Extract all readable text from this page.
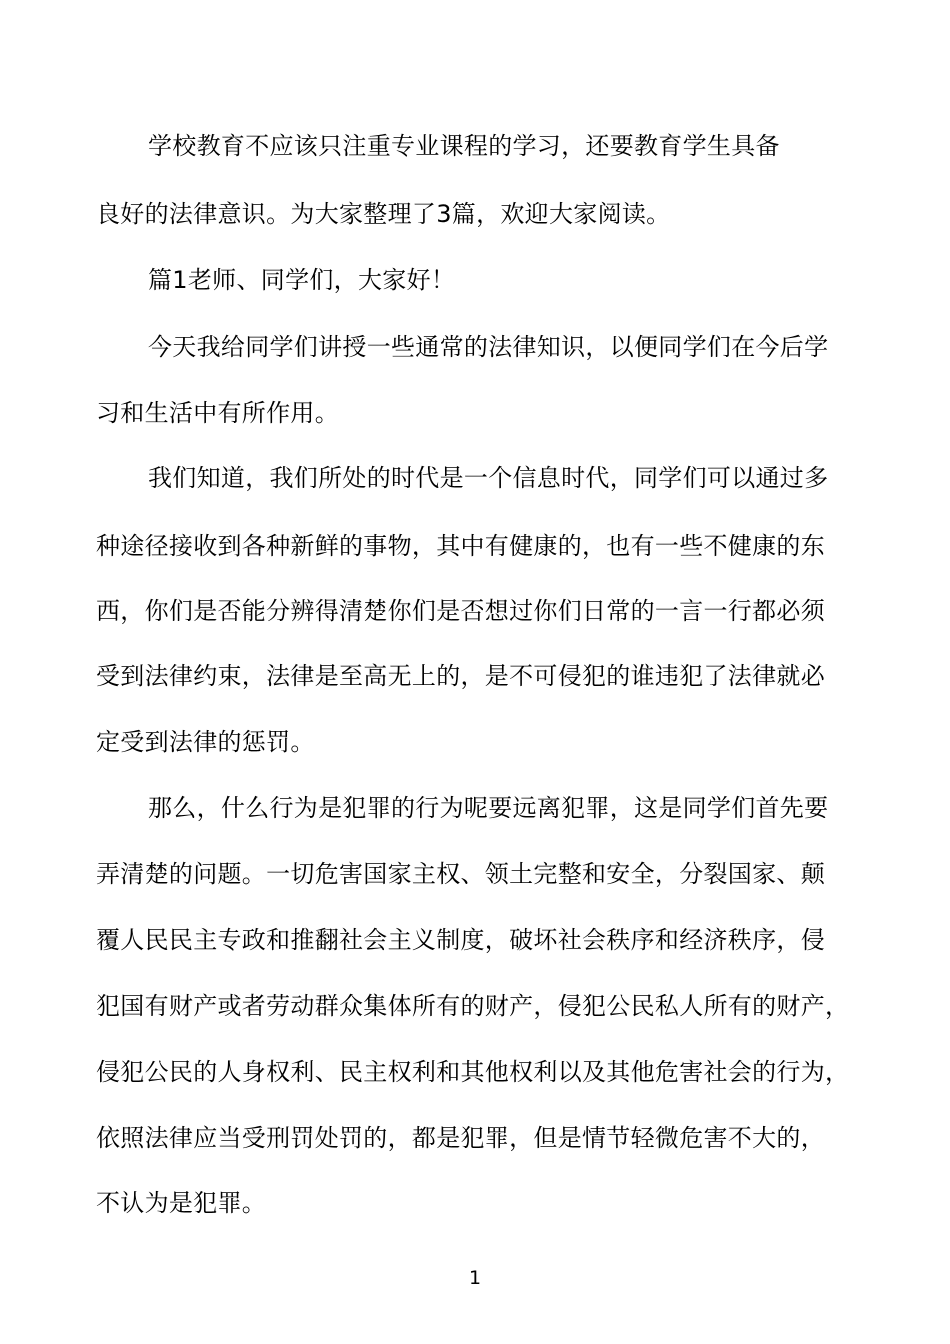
学校教育不应该只注重专业课程的学习，还要教育学生具备
良好的法律意识。为大家整理了3篇，欢迎大家阅读。
篇1老师、同学们，大家好！
今天我给同学们讲授一些通常的法律知识，以便同学们在今后学
习和生活中有所作用。
我们知道，我们所处的时代是一个信息时代，同学们可以通过多
种途径接收到各种新鲜的事物，其中有健康的，也有一些不健康的东
西，你们是否能分辨得清楚你们是否想过你们日常的一言一行都必须
受到法律约束，法律是至高无上的，是不可侵犯的谁违犯了法律就必
定受到法律的惩罚。
那么，什么行为是犯罪的行为呢要远离犯罪，这是同学们首先要
弄清楚的问题。一切危害国家主权、领土完整和安全，分裂国家、颠
覆人民民主专政和推翻社会主义制度，破坏社会秩序和经济秩序，侵
犯国有财产或者劳动群众集体所有的财产，侵犯公民私人所有的财产，
侵犯公民的人身权利、民主权利和其他权利以及其他危害社会的行为，
依照法律应当受刑罚处罚的，都是犯罪，但是情节轻微危害不大的，
不认为是犯罪。
1
